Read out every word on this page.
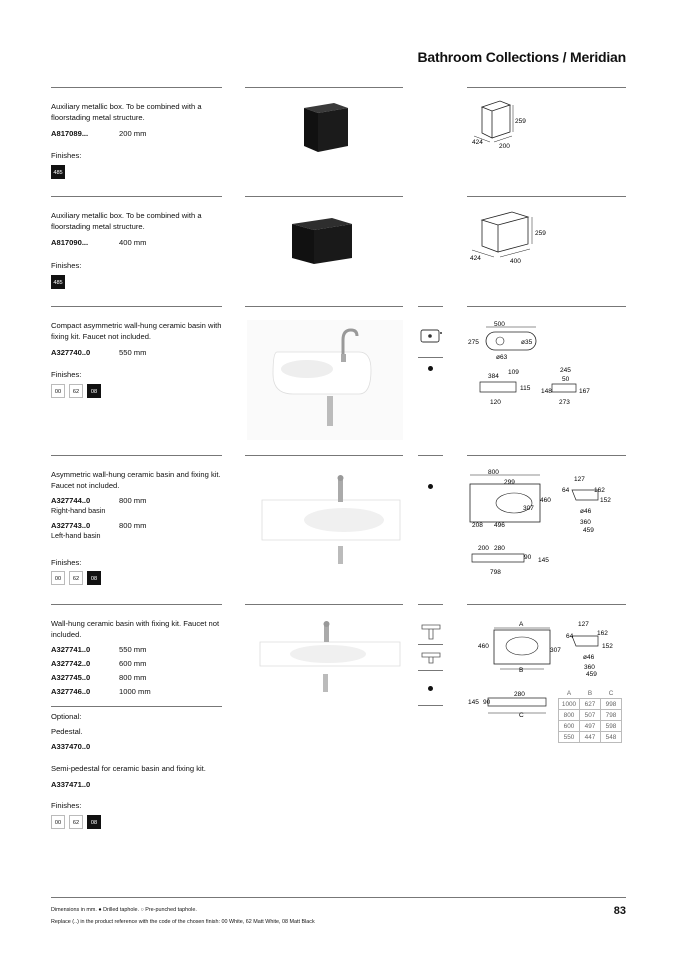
Bathroom Collections / Meridian
Auxiliary metallic box. To be combined with a floorstading metal structure.
A817089...	200 mm
Finishes:
485
259
424
200
Auxiliary metallic box. To be combined with a floorstading metal structure.
A817090...	400 mm
Finishes:
485
259
424	400
Compact asymmetric wall-hung ceramic basin with fixing kit. Faucet not included.
A327740..0	550 mm
Finishes:
00	62	08
500
275	ø35
ø63
384
109
115
120
245
50
148	167
273
Asymmetric wall-hung ceramic basin and fixing kit. Faucet not included.
A327744..0	800 mm
Right-hand basin
A327743..0	800 mm
Left-hand basin
Finishes:
00	62	08
800
299
460
307
208 496
127
64	162
152
ø46
360
459
200 280
90 145
798
Wall-hung ceramic basin with fixing kit. Faucet not included.
A327741..0	550 mm
A327742..0	600 mm
A327745..0	800 mm
A327746..0	1000 mm
Optional:
Pedestal.
A337470..0
Semi-pedestal for ceramic basin and fixing kit.
A337471..0
Finishes:
00	62	08
A
460
307
B
127
64	162
152
ø46
360
459
280
145 90
C
A	B	C
1000	627	998
800	507	798
600	497	598
550	447	548
Dimensions in mm. ● Drilled taphole. ○ Pre-punched taphole.
Replace (..) in the product reference with the code of the chosen finish: 00 White, 62 Matt White, 08 Matt Black
83
